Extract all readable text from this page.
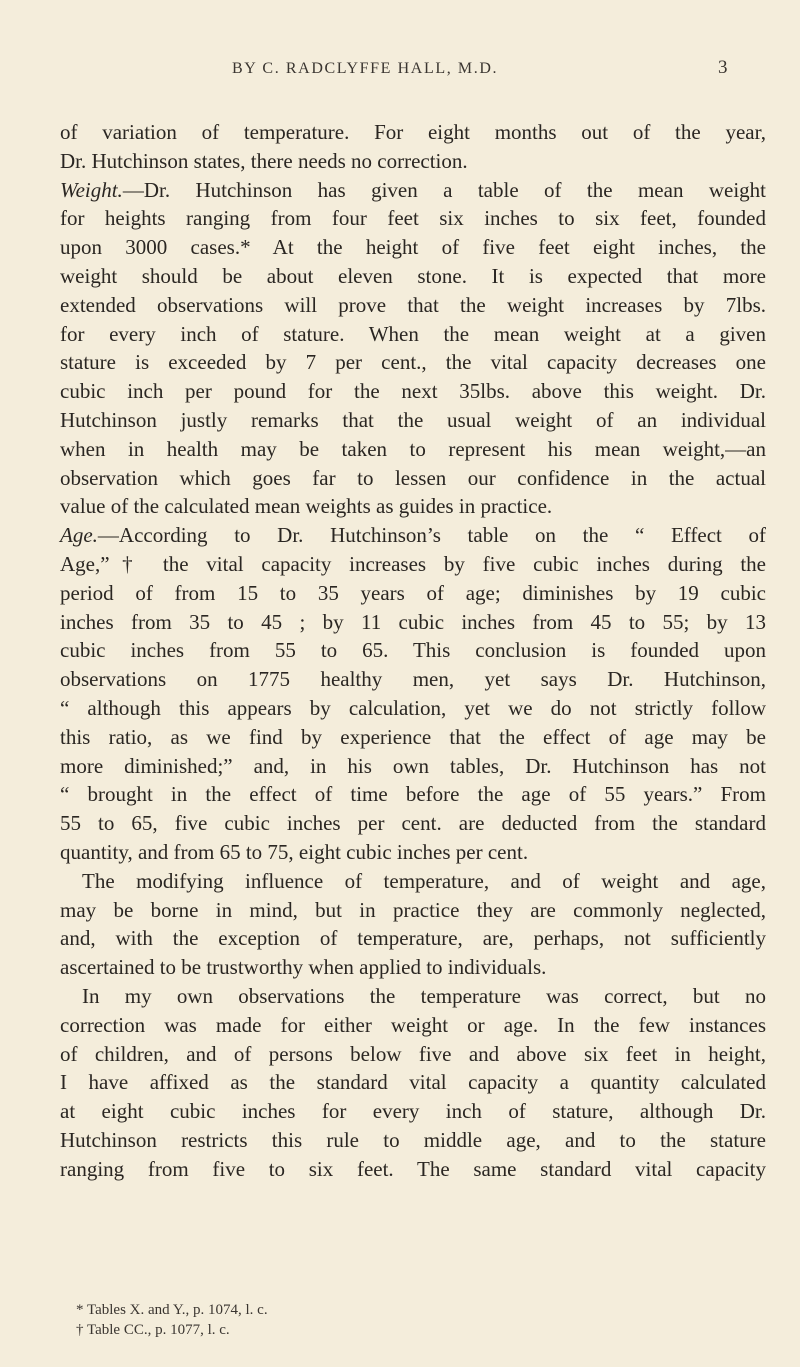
BY C. RADCLYFFE HALL, M.D.	3
of variation of temperature. For eight months out of the year,
Dr. Hutchinson states, there needs no correction.
Weight.—Dr. Hutchinson has given a table of the mean weight
for heights ranging from four feet six inches to six feet, founded
upon 3000 cases.* At the height of five feet eight inches, the
weight should be about eleven stone. It is expected that more
extended observations will prove that the weight increases by 7lbs.
for every inch of stature. When the mean weight at a given
stature is exceeded by 7 per cent., the vital capacity decreases one
cubic inch per pound for the next 35lbs. above this weight. Dr.
Hutchinson justly remarks that the usual weight of an individual
when in health may be taken to represent his mean weight,—an
observation which goes far to lessen our confidence in the actual
value of the calculated mean weights as guides in practice.
Age.—According to Dr. Hutchinson’s table on the “ Effect of
Age,”† the vital capacity increases by five cubic inches during the
period of from 15 to 35 years of age; diminishes by 19 cubic
inches from 35 to 45 ; by 11 cubic inches from 45 to 55; by 13
cubic inches from 55 to 65. This conclusion is founded upon
observations on 1775 healthy men, yet says Dr. Hutchinson,
“ although this appears by calculation, yet we do not strictly follow
this ratio, as we find by experience that the effect of age may be
more diminished;” and, in his own tables, Dr. Hutchinson has not
“ brought in the effect of time before the age of 55 years.” From
55 to 65, five cubic inches per cent. are deducted from the standard
quantity, and from 65 to 75, eight cubic inches per cent.
The modifying influence of temperature, and of weight and age,
may be borne in mind, but in practice they are commonly neglected,
and, with the exception of temperature, are, perhaps, not sufficiently
ascertained to be trustworthy when applied to individuals.
In my own observations the temperature was correct, but no
correction was made for either weight or age. In the few instances
of children, and of persons below five and above six feet in height,
I have affixed as the standard vital capacity a quantity calculated
at eight cubic inches for every inch of stature, although Dr.
Hutchinson restricts this rule to middle age, and to the stature
ranging from five to six feet. The same standard vital capacity
* Tables X. and Y., p. 1074, l. c.
† Table CC., p. 1077, l. c.
